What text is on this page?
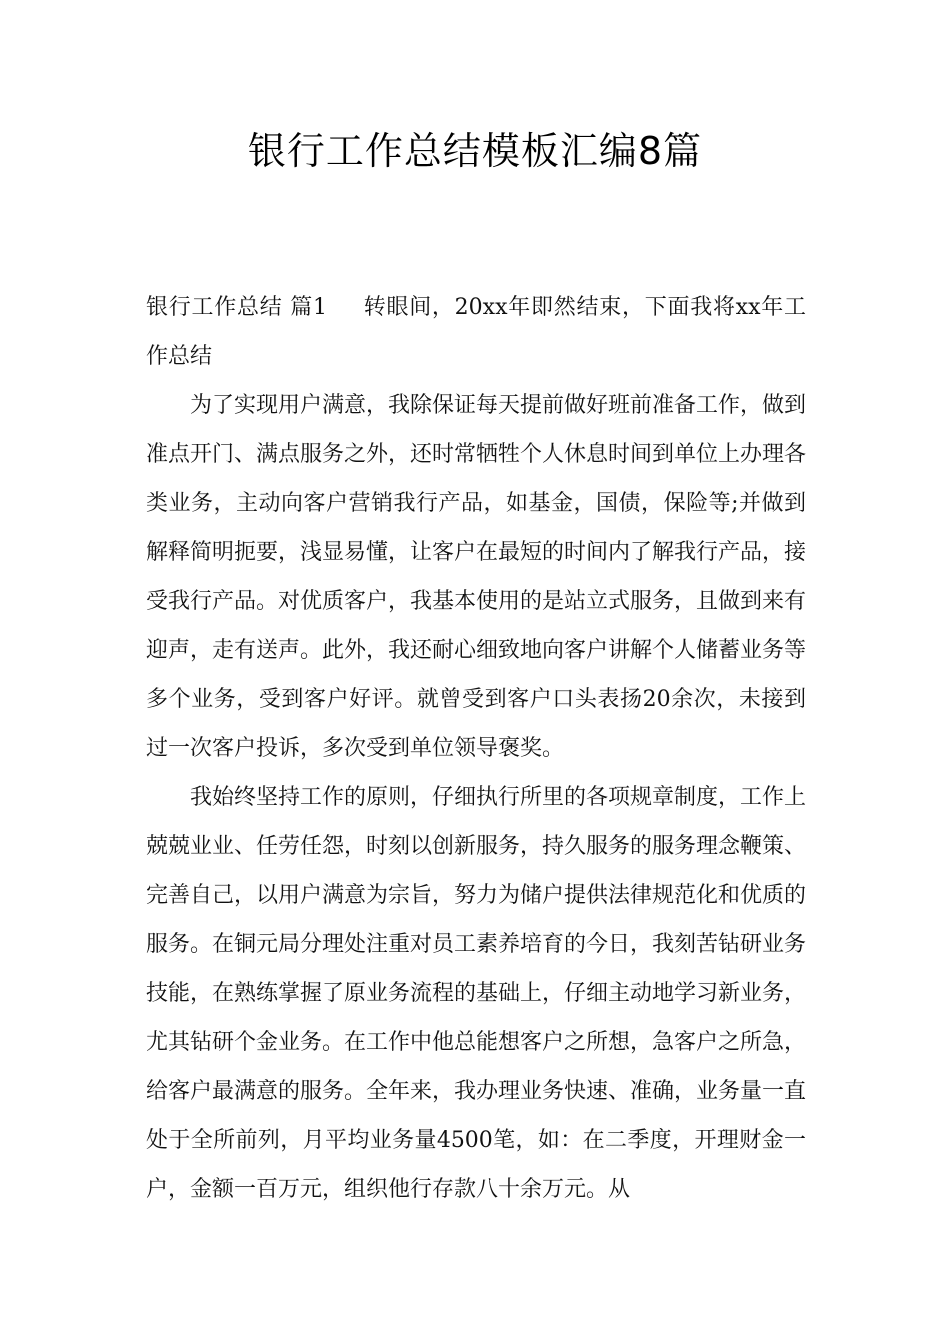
银行工作总结模板汇编8篇

银行工作总结 篇1 转眼间，20xx年即然结束，下面我将xx年工作总结

为了实现用户满意，我除保证每天提前做好班前准备工作，做到准点开门、满点服务之外，还时常牺牲个人休息时间到单位上办理各类业务，主动向客户营销我行产品，如基金，国债，保险等;并做到解释简明扼要，浅显易懂，让客户在最短的时间内了解我行产品，接受我行产品。对优质客户，我基本使用的是站立式服务，且做到来有迎声，走有送声。此外，我还耐心细致地向客户讲解个人储蓄业务等多个业务，受到客户好评。就曾受到客户口头表扬20余次，未接到过一次客户投诉，多次受到单位领导褒奖。

我始终坚持工作的原则，仔细执行所里的各项规章制度，工作上兢兢业业、任劳任怨，时刻以创新服务，持久服务的服务理念鞭策、完善自己，以用户满意为宗旨，努力为储户提供法律规范化和优质的服务。在铜元局分理处注重对员工素养培育的今日，我刻苦钻研业务技能，在熟练掌握了原业务流程的基础上，仔细主动地学习新业务，尤其钻研个金业务。在工作中他总能想客户之所想，急客户之所急，给客户最满意的服务。全年来，我办理业务快速、准确，业务量一直处于全所前列，月平均业务量4500笔，如：在二季度，开理财金一户，金额一百万元，组织他行存款八十余万元。从
